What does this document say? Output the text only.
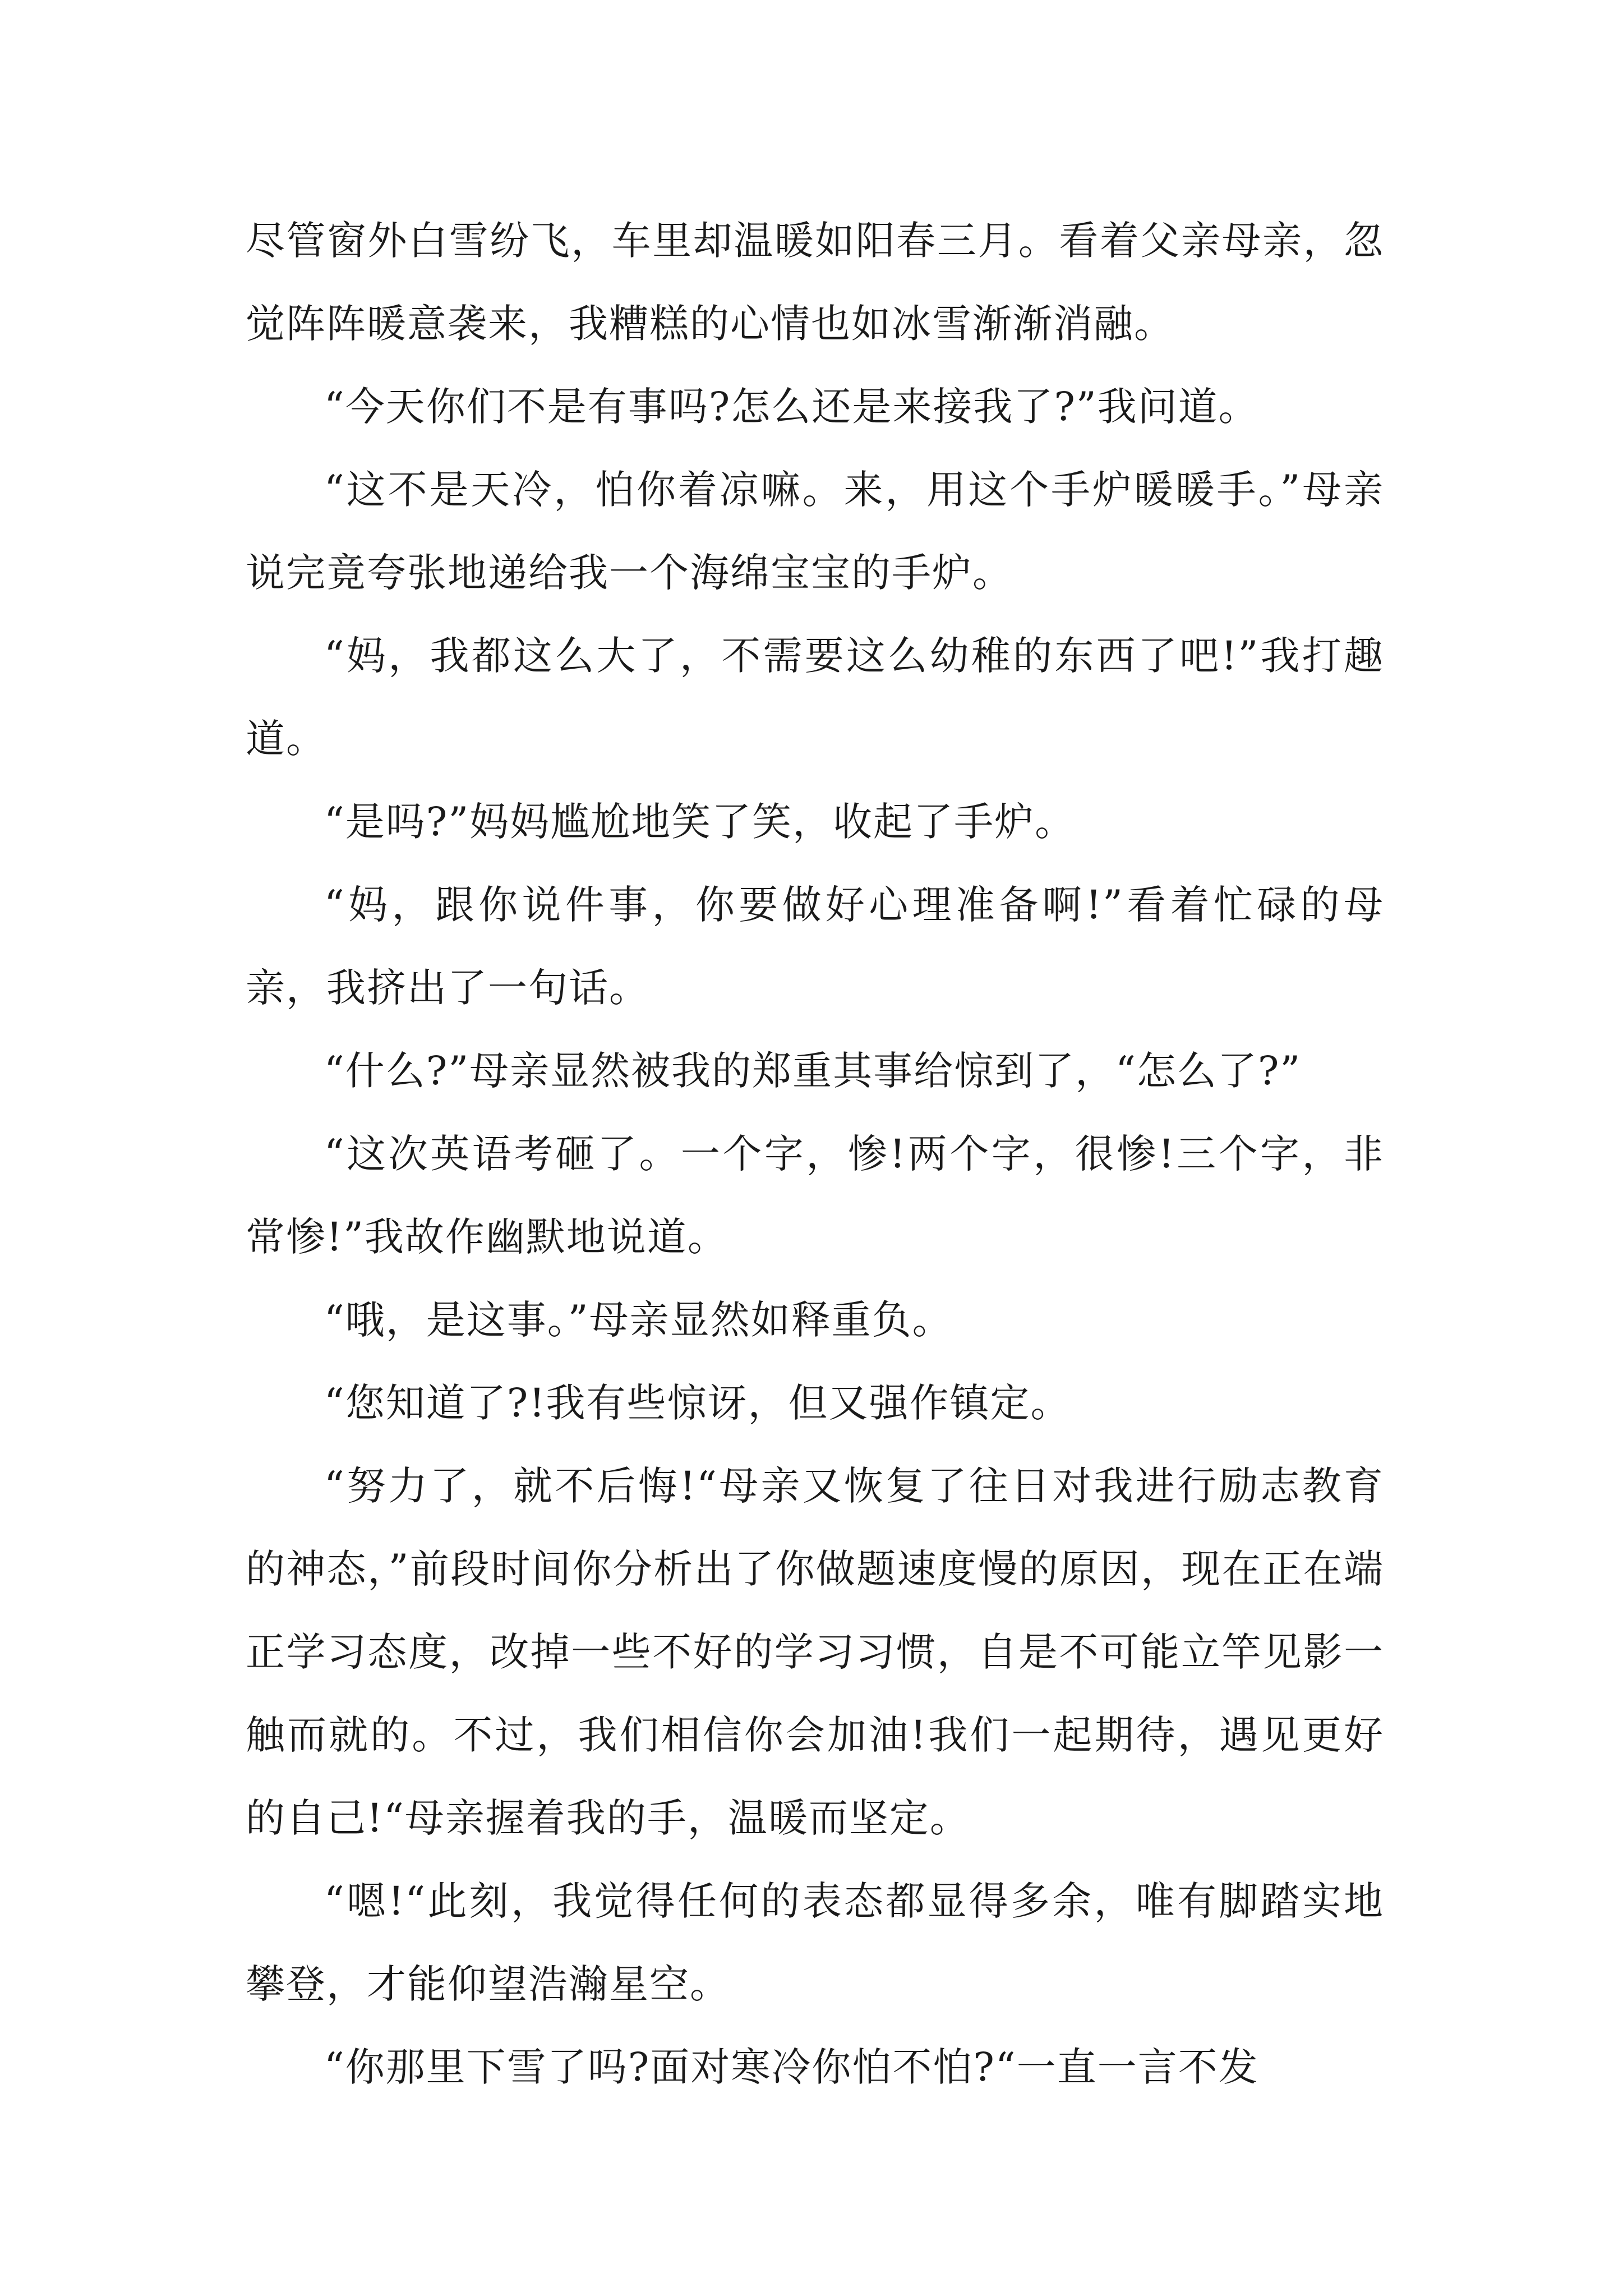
尽管窗外白雪纷飞，车里却温暖如阳春三月。看着父亲母亲，忽觉阵阵暖意袭来，我糟糕的心情也如冰雪渐渐消融。

“今天你们不是有事吗?怎么还是来接我了?”我问道。

“这不是天冷，怕你着凉嘛。来，用这个手炉暖暖手。”母亲说完竟夸张地递给我一个海绵宝宝的手炉。

“妈，我都这么大了，不需要这么幼稚的东西了吧!”我打趣道。

“是吗?”妈妈尴尬地笑了笑，收起了手炉。

“妈，跟你说件事，你要做好心理准备啊!”看着忙碌的母亲，我挤出了一句话。

“什么?”母亲显然被我的郑重其事给惊到了，“怎么了?”

“这次英语考砸了。一个字，惨!两个字，很惨!三个字，非常惨!”我故作幽默地说道。

“哦，是这事。”母亲显然如释重负。

“您知道了?!我有些惊讶，但又强作镇定。

“努力了，就不后悔!“母亲又恢复了往日对我进行励志教育的神态，”前段时间你分析出了你做题速度慢的原因，现在正在端正学习态度，改掉一些不好的学习习惯，自是不可能立竿见影一触而就的。不过，我们相信你会加油!我们一起期待，遇见更好的自己!“母亲握着我的手，温暖而坚定。

“嗯!“此刻，我觉得任何的表态都显得多余，唯有脚踏实地攀登，才能仰望浩瀚星空。

“你那里下雪了吗?面对寒冷你怕不怕?“一直一言不发
